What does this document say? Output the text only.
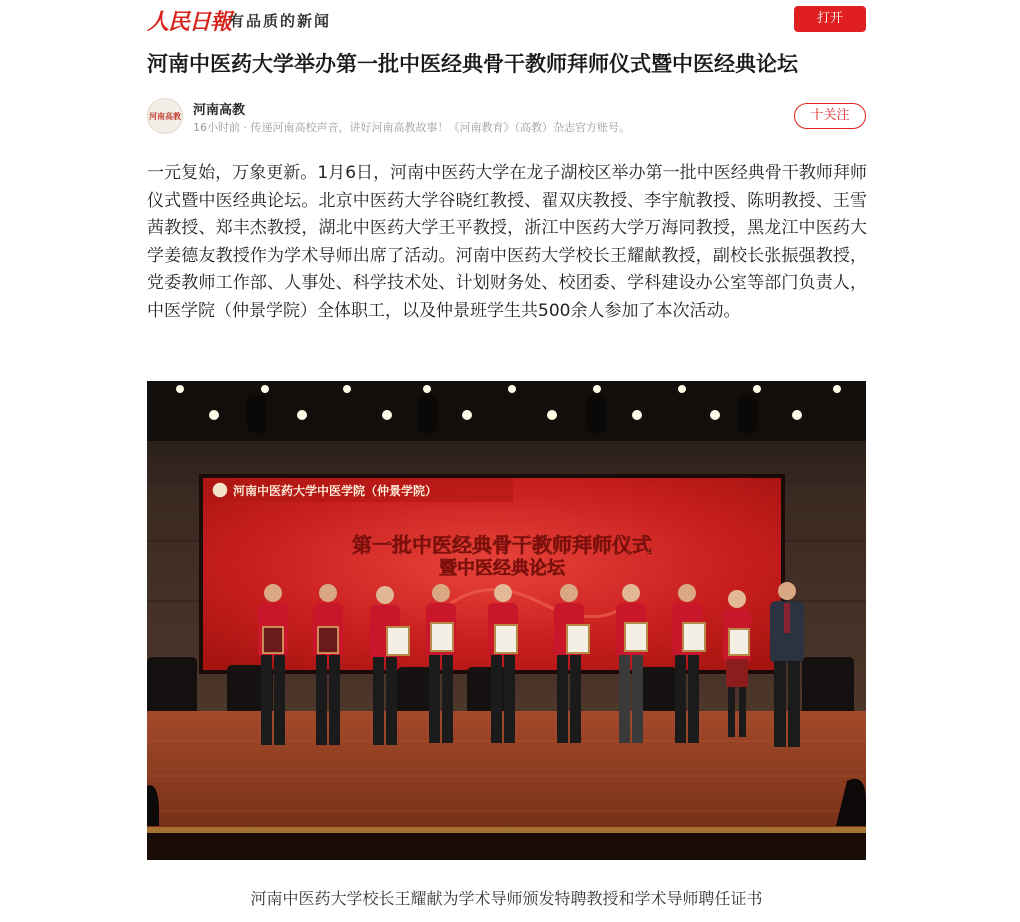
人民日報
有品质的新闻	打开
河南中医药大学举办第一批中医经典骨干教师拜师仪式暨中医经典论坛
河南高教 河南高教
16小时前 · 传递河南高校声音，讲好河南高教故事！《河南教育》（高教）杂志官方账号。
十关注

一元复始，万象更新。1月6日，河南中医药大学在龙子湖校区举办第一批中医经典骨干教师拜师仪式暨中医经典论坛。北京中医药大学谷晓红教授、翟双庆教授、李宇航教授、陈明教授、王雪茜教授、郑丰杰教授，湖北中医药大学王平教授，浙江中医药大学万海同教授，黑龙江中医药大学姜德友教授作为学术导师出席了活动。河南中医药大学校长王耀献教授，副校长张振强教授，党委教师工作部、人事处、科学技术处、计划财务处、校团委、学科建设办公室等部门负责人，中医学院（仲景学院）全体职工，以及仲景班学生共500余人参加了本次活动。

河南中医药大学中医学院（仲景学院）
第一批中医经典骨干教师拜师仪式
暨中医经典论坛
河南中医药大学校长王耀献为学术导师颁发特聘教授和学术导师聘任证书
